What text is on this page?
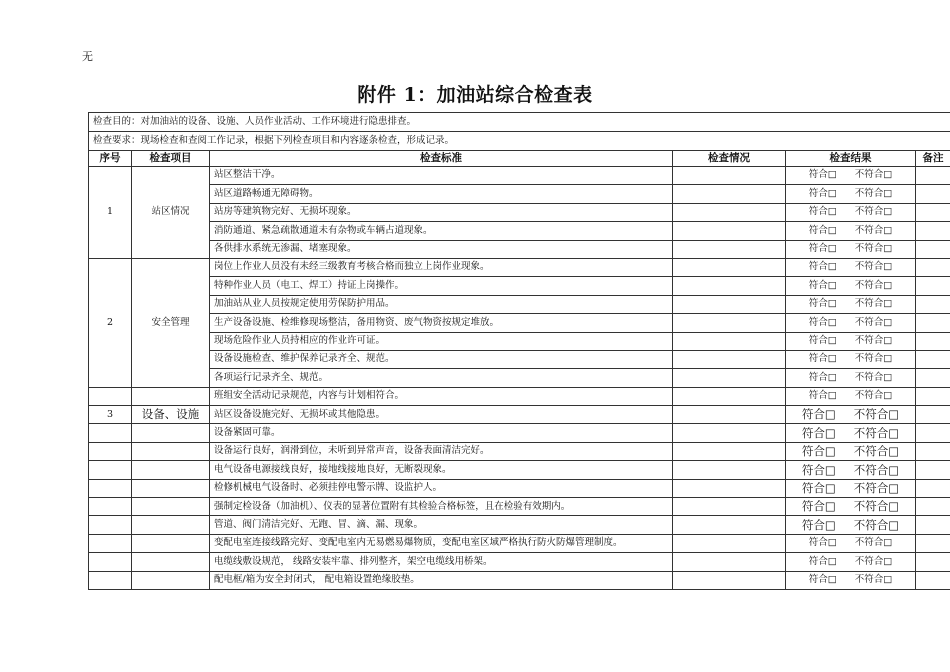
无
附件 1：加油站综合检查表
检查目的：对加油站的设备、设施、人员作业活动、工作环境进行隐患排查。					
检查要求：现场检查和查阅工作记录，根据下列检查项目和内容逐条检查，形成记录。					
序号	检查项目	检查标准	检查情况	检查结果	备注
1	站区情况	站区整洁干净。		符合□ 不符合□	
		站区道路畅通无障碍物。		符合□ 不符合□	
		站房等建筑物完好、无损坏现象。		符合□ 不符合□	
		消防通道、紧急疏散通道未有杂物或车辆占道现象。		符合□ 不符合□	
		各供排水系统无渗漏、堵塞现象。		符合□ 不符合□	
2	安全管理	岗位上作业人员没有未经三级教育考核合格而独立上岗作业现象。		符合□ 不符合□	
		特种作业人员（电工、焊工）持证上岗操作。		符合□ 不符合□	
		加油站从业人员按规定使用劳保防护用品。		符合□ 不符合□	
		生产设备设施、检维修现场整洁，备用物资、废气物资按规定堆放。		符合□ 不符合□	
		现场危险作业人员持相应的作业许可证。		符合□ 不符合□	
		设备设施检查、维护保养记录齐全、规范。		符合□ 不符合□	
		各项运行记录齐全、规范。		符合□ 不符合□	
		班组安全活动记录规范，内容与计划相符合。		符合□ 不符合□	
3	设备、设施	站区设备设施完好、无损坏或其他隐患。		符合□ 不符合□	
		设备紧固可靠。		符合□ 不符合□	
		设备运行良好，润滑到位，未听到异常声音，设备表面清洁完好。		符合□ 不符合□	
		电气设备电源接线良好，接地线接地良好，无断裂现象。		符合□ 不符合□	
		检修机械电气设备时、必须挂停电警示牌、设监护人。		符合□ 不符合□	
		强制定检设备（加油机）、仪表的显著位置附有其检验合格标签，且在检验有效期内。		符合□ 不符合□	
		管道、阀门清洁完好、无跑、冒、滴、漏、现象。		符合□ 不符合□	
		变配电室连接线路完好、变配电室内无易燃易爆物质，变配电室区域严格执行防火防爆管理制度。		符合□ 不符合□	
		电缆线敷设规范， 线路安装牢靠、排列整齐，架空电缆线用桥架。		符合□ 不符合□	
		配电框/箱为安全封闭式， 配电箱设置绝缘胶垫。		符合□ 不符合□	
